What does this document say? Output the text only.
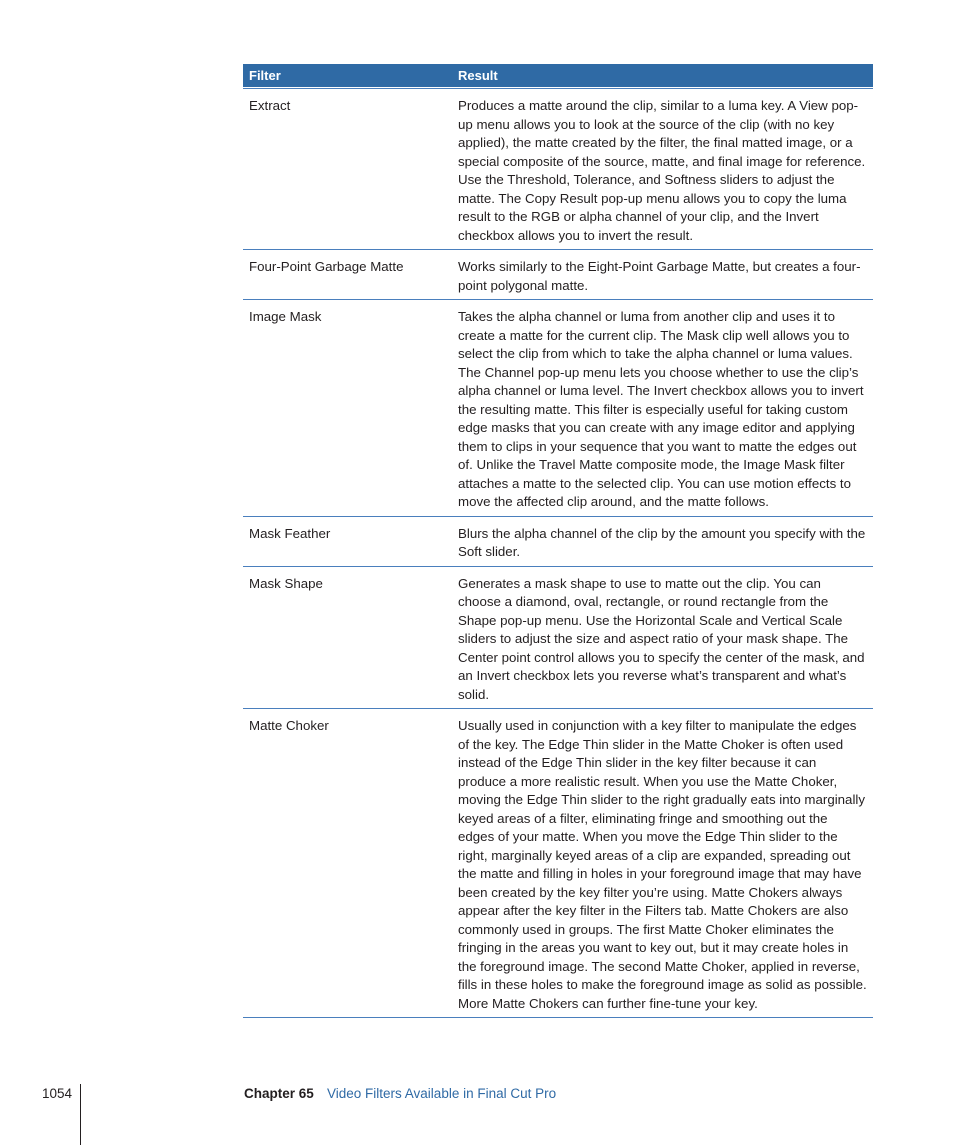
Filter	Result
Extract	Produces a matte around the clip, similar to a luma key. A View pop-up menu allows you to look at the source of the clip (with no key applied), the matte created by the filter, the final matted image, or a special composite of the source, matte, and final image for reference. Use the Threshold, Tolerance, and Softness sliders to adjust the matte. The Copy Result pop-up menu allows you to copy the luma result to the RGB or alpha channel of your clip, and the Invert checkbox allows you to invert the result.
Four-Point Garbage Matte	Works similarly to the Eight-Point Garbage Matte, but creates a four-point polygonal matte.
Image Mask	Takes the alpha channel or luma from another clip and uses it to create a matte for the current clip. The Mask clip well allows you to select the clip from which to take the alpha channel or luma values. The Channel pop-up menu lets you choose whether to use the clip’s alpha channel or luma level. The Invert checkbox allows you to invert the resulting matte. This filter is especially useful for taking custom edge masks that you can create with any image editor and applying them to clips in your sequence that you want to matte the edges out of. Unlike the Travel Matte composite mode, the Image Mask filter attaches a matte to the selected clip. You can use motion effects to move the affected clip around, and the matte follows.
Mask Feather	Blurs the alpha channel of the clip by the amount you specify with the Soft slider.
Mask Shape	Generates a mask shape to use to matte out the clip. You can choose a diamond, oval, rectangle, or round rectangle from the Shape pop-up menu. Use the Horizontal Scale and Vertical Scale sliders to adjust the size and aspect ratio of your mask shape. The Center point control allows you to specify the center of the mask, and an Invert checkbox lets you reverse what’s transparent and what’s solid.
Matte Choker	Usually used in conjunction with a key filter to manipulate the edges of the key. The Edge Thin slider in the Matte Choker is often used instead of the Edge Thin slider in the key filter because it can produce a more realistic result. When you use the Matte Choker, moving the Edge Thin slider to the right gradually eats into marginally keyed areas of a filter, eliminating fringe and smoothing out the edges of your matte. When you move the Edge Thin slider to the right, marginally keyed areas of a clip are expanded, spreading out the matte and filling in holes in your foreground image that may have been created by the key filter you’re using. Matte Chokers always appear after the key filter in the Filters tab. Matte Chokers are also commonly used in groups. The first Matte Choker eliminates the fringing in the areas you want to key out, but it may create holes in the foreground image. The second Matte Choker, applied in reverse, fills in these holes to make the foreground image as solid as possible. More Matte Chokers can further fine-tune your key.
1054	Chapter 65 Video Filters Available in Final Cut Pro
